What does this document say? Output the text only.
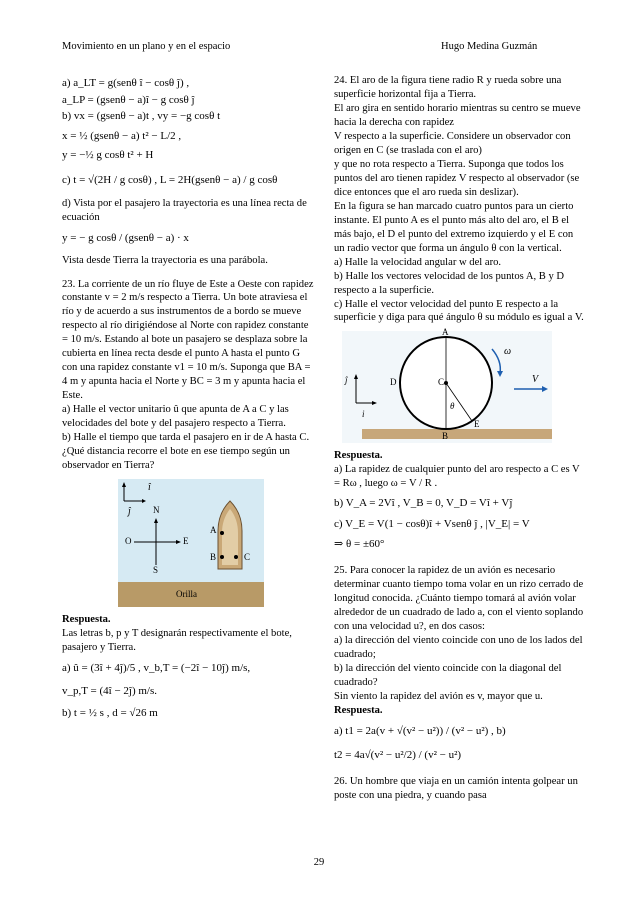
Movimiento en un plano y en el espacio	Hugo Medina Guzmán
a) a_LT = g(senθ î − cosθ ĵ) ,
a_LP = (gsenθ − a)î − g cosθ ĵ
b) vx = (gsenθ − a)t , vy = −g cosθ t
x = ½ (gsenθ − a) t² − L/2 ,
y = −½ g cosθ t² + H
c) t = √(2H / g cosθ) , L = 2H(gsenθ − a) / g cosθ
d) Vista por el pasajero la trayectoria es una línea recta de ecuación
y = − g cosθ / (gsenθ − a) · x
Vista desde Tierra la trayectoria es una parábola.
23. La corriente de un río fluye de Este a Oeste con rapidez constante v = 2 m/s respecto a Tierra. Un bote atraviesa el río y de acuerdo a sus instrumentos de a bordo se mueve respecto al río dirigiéndose al Norte con rapidez constante = 10 m/s. Estando al bote un pasajero se desplaza sobre la cubierta en línea recta desde el punto A hasta el punto G con una rapidez constante v1 = 10 m/s. Suponga que BA = 4 m y apunta hacia el Norte y BC = 3 m y apunta hacia el Este.
a) Halle el vector unitario û que apunta de A a C y las velocidades del bote y del pasajero respecto a Tierra.
b) Halle el tiempo que tarda el pasajero en ir de A hasta C. ¿Qué distancia recorre el bote en ese tiempo según un observador en Tierra?
î
ĵ N
O	E
S
A
B	C
Orilla
Respuesta.
Las letras b, p y T designarán respectivamente el bote, pasajero y Tierra.
a) û = (3î + 4ĵ)/5 , v_b,T = (−2î − 10ĵ) m/s,
v_p,T = (4î − 2ĵ) m/s.
b) t = ½ s , d = √26 m
24. El aro de la figura tiene radio R y rueda sobre una superficie horizontal fija a Tierra.
El aro gira en sentido horario mientras su centro se mueve hacia la derecha con rapidez
V respecto a la superficie. Considere un observador con origen en C (se traslada con el aro)
y que no rota respecto a Tierra. Suponga que todos los puntos del aro tienen rapidez V respecto al observador (se dice entonces que el aro rueda sin deslizar).
En la figura se han marcado cuatro puntos para un cierto instante. El punto A es el punto más alto del aro, el B el más bajo, el D el punto del extremo izquierdo y el E con un radio vector que forma un ángulo θ con la vertical.
a) Halle la velocidad angular w del aro.
b) Halle los vectores velocidad de los puntos A, B y D respecto a la superficie.
c) Halle el vector velocidad del punto E respecto a la superficie y diga para qué ángulo θ su módulo es igual a V.
A
B
C
D
E
i
ĵ
θ
ω
V
Respuesta.
a) La rapidez de cualquier punto del aro respecto a C es V = Rω , luego ω = V / R .
b) V_A = 2Vî , V_B = 0, V_D = Vî + Vĵ
c) V_E = V(1 − cosθ)î + Vsenθ ĵ , |V_E| = V
⇒ θ = ±60°
25. Para conocer la rapidez de un avión es necesario determinar cuanto tiempo toma volar en un rizo cerrado de longitud conocida. ¿Cuánto tiempo tomará al avión volar alrededor de un cuadrado de lado a, con el viento soplando con una velocidad u?, en dos casos:
a) la dirección del viento coincide con uno de los lados del cuadrado;
b) la dirección del viento coincide con la diagonal del cuadrado?
Sin viento la rapidez del avión es v, mayor que u.
Respuesta.
a) t1 = 2a(v + √(v² − u²)) / (v² − u²) , b)
t2 = 4a√(v² − u²/2) / (v² − u²)
26. Un hombre que viaja en un camión intenta golpear un poste con una piedra, y cuando pasa
29
